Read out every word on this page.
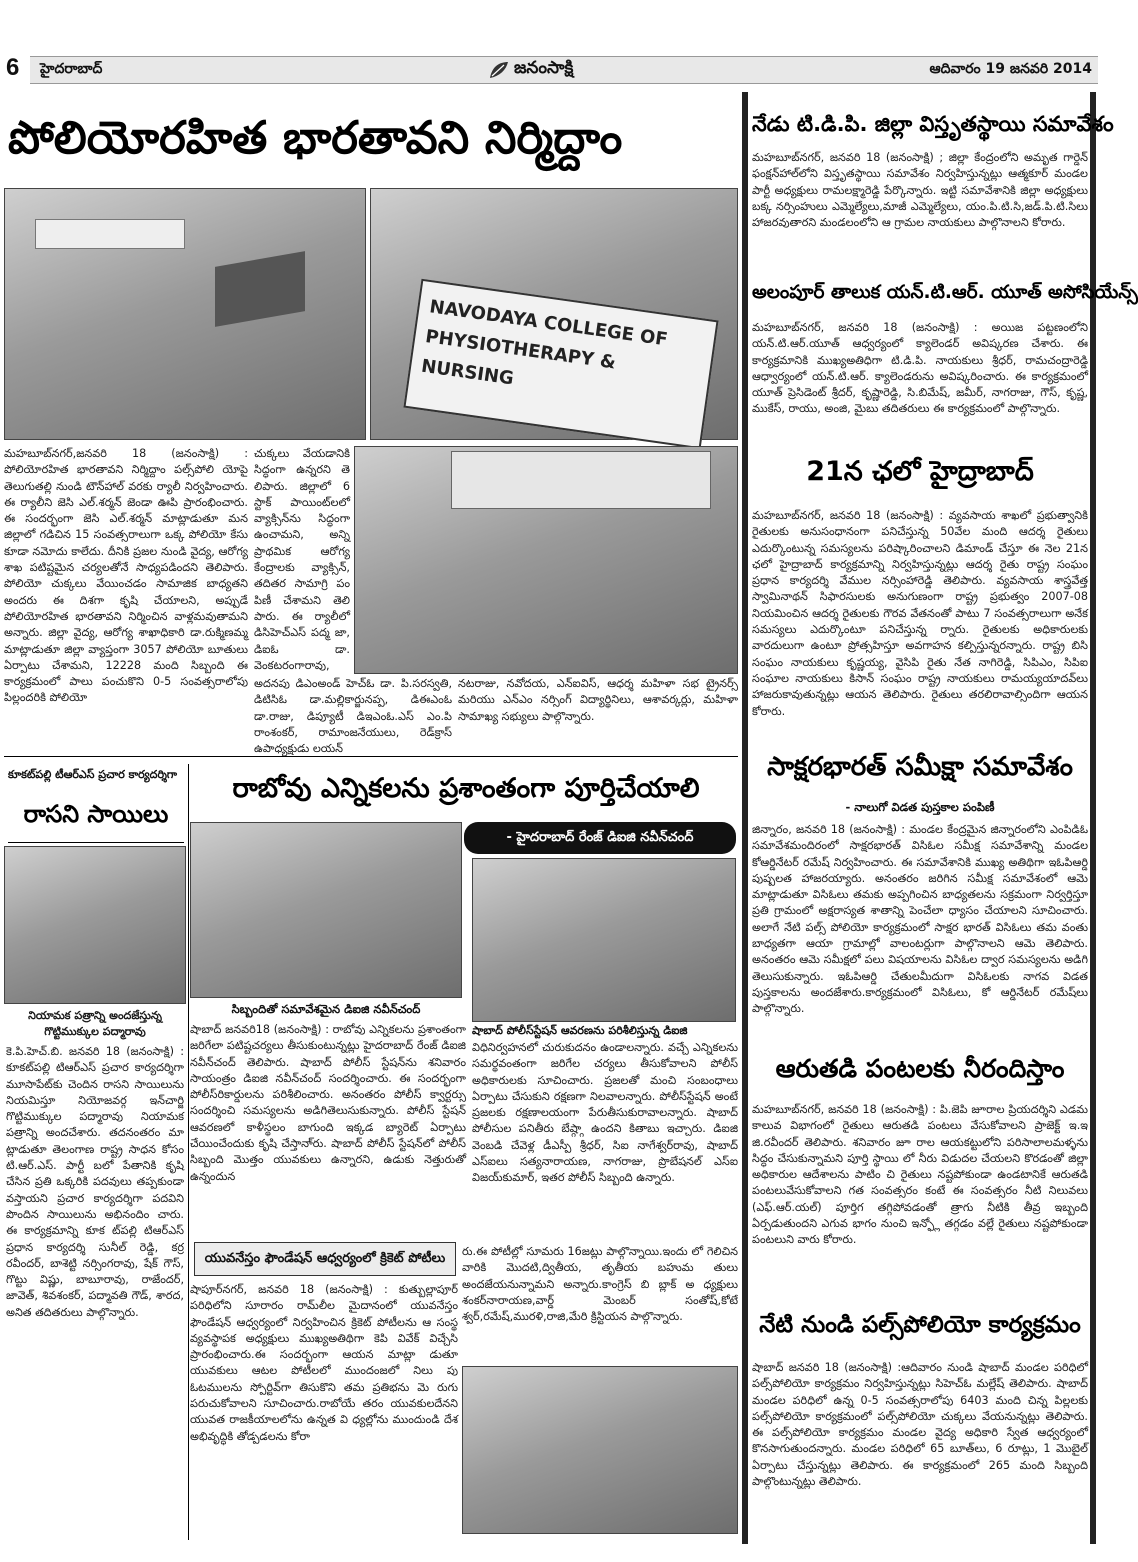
6	హైదరాబాద్	జనంసాక్షి	ఆదివారం 19 జనవరి 2014
పోలియోరహిత భారతావని నిర్మిద్దాం
NAVODAYA COLLEGE OF PHYSIOTHERAPY & NURSING
మహబూబ్‌నగర్,జనవరి 18 (జనంసాక్షి) : పోలియోరహిత భారతావని నిర్మిద్దాం పల్స్‌పోలి యోపై తెలుగుతల్లి నుండి టౌన్‌హాల్ వరకు ర్యాలీ నిర్వహించారు. ఈ ర్యాలీని జెసి ఎల్.శర్మన్ జెండా ఊపి ప్రారంభించారు. ఈ సందర్భంగా జెసి ఎల్.శర్మన్ మాట్లాడుతూ మన జిల్లాలో గడిచిన 15 సంవత్సరాలుగా ఒక్క పోలియో కేసు కూడా నమోదు కాలేదు. దీనికి ప్రజల నుండి వైద్య, ఆరోగ్య శాఖ పటిష్టమైన చర్యలతోనే సాధ్యపడిందని తెలిపారు. పోలియో చుక్కలు వేయించడం సామాజిక బాధ్యతని అందరు ఈ దిశగా కృషి చేయాలని, అప్పుడే పోలియోరహిత భారతావని నిర్మించిన వాళ్లమవుతామని అన్నారు. జిల్లా వైద్య, ఆరోగ్య శాఖాధికారి డా.రుక్మిణమ్మ మాట్లాడుతూ జిల్లా వ్యాప్తంగా 3057 పోలియో బూతులు ఏర్పాటు చేశామని, 12228 మంది సిబ్బంది ఈ కార్యక్రమంలో పాలు పంచుకొని 0-5 సంవత్సరాలోపు పిల్లందరికి పోలియో
చుక్కలు వేయడానికి సిద్ధంగా ఉన్నరని తె లిపారు. జిల్లాలో 6 స్టాక్ పాయింట్‌లలో వ్యాక్సిన్‌ను సిద్ధంగా ఉంచామని, అన్ని ప్రాథమిక ఆరోగ్య కేంద్రాలకు వ్యాక్సిన్, తదితర సామాగ్రి పం పిణీ చేశామని తెలి పారు. ఈ ర్యాలీలో డిసిహెచ్ఎస్ పద్మ జా, డిఐఓ డా. వెంకటరంగారావు,
అదనపు డిఎంఅండ్ హెచ్ఓ డా. పి.సరస్వతి, డిటిసిఓ డా.మల్లికార్జునప్ప, డిఈఎంఓ డా.రాజు, డిప్యూటీ డిఇఎంఓ.ఎస్ ఎం.పి రాంశంకర్, రామాంజనేయులు, రెడ్‌క్రాస్ ఉపాధ్యక్షుడు లయన్
నటరాజు, నవోదయ, ఎన్ఐవిస్, ఆధర్శ మహిళా సభ ట్రైనర్స్ మరియు ఎన్ఎం నర్సింగ్ విద్యార్థినిలు, ఆశావర్కర్లు, మహిళా సామాఖ్య సభ్యులు పాల్గొన్నారు.
కూకట్‌పల్లి టీఆర్ఎస్ ప్రచార కార్యదర్శిగా
రాసని సాయిలు
నియామక పత్రాన్ని అందజేస్తున్న గొట్టిముక్కుల పద్మారావు
కె.పి.హెచ్.బి. జనవరి 18 (జనంసాక్షి) : కూకట్‌పల్లి టిఆర్ఎస్ ప్రచార కార్యదర్శిగా మూసాపేట్‌కు చెందిన రాసని సాయిలును నియమిస్తూ నియోజవర్గ ఇన్‌చార్జి గొట్టిముక్కుల పద్మారావు నియామక పత్రాన్ని అందచేశారు. తదనంతరం మా ట్లాడుతూ తెలంగాణ రాష్ట్ర సాధన కోసం టి.ఆర్.ఎస్. పార్టీ బలో పేతానికి కృషి చేసిన ప్రతి ఒక్కరికి పదవులు తప్పకుండా వస్తాయని ప్రచార కార్యదర్శిగా పదవిని పొందిన సాయిలును అభినందిం చారు. ఈ కార్యక్రమాన్ని కూక ట్‌పల్లి టిఆర్ఎస్ ప్రధాన కార్యదర్శి సునీల్ రెడ్డి, కర్ర రవీందర్, బాశెట్టి నర్సింగరావు, షేక్ గౌస్, గొట్టు విష్ణు, బాబూరావు, రాజేందర్, జావెత్, శివశంకర్, పద్మావతి గౌడ్, శారద, అనిత తదితరులు పాల్గొన్నారు.
రాబోవు ఎన్నికలను ప్రశాంతంగా పూర్తిచేయాలి
- హైదరాబాద్ రేంజ్ డిఐజి నవీన్‌చంద్
సిబ్బందితో సమావేశమైన డిఐజి నవీన్‌చంద్
షాబాద్ జనవరి18 (జనంసాక్షి) : రాబోవు ఎన్నికలను ప్రశాంతంగా జరిగేలా పటిష్టచర్యలు తీసుకుంటున్నట్లు హైదరాబాద్ రేంజ్ డిఐజి నవీన్‌చంద్ తెలిపారు. షాబాద్ పోలీస్ స్టేషన్‌ను శనివారం సాయంత్రం డిఐజి నవీన్‌చంద్ సందర్శించారు. ఈ సందర్భంగా పోలీస్‌రికార్డులను పరిశీలించారు. అనంతరం పోలీస్ క్వార్టర్సు సందర్శించి సమస్యలను అడిగితెలుసుకున్నారు. పోలీస్ స్టేషన్ ఆవరణలో కాళీస్థలం బాగుంది ఇక్కడ బ్యారెట్ ఏర్పాటు చేయించేందుకు కృషి చేస్తానా్రు. షాబాద్ పోలీస్ స్టేషన్‌లో పోలీస్ సిబ్బంది మొత్తం యువకులు ఉన్నారని, ఉడుకు నెత్తురుతో ఉన్నందున
షాబాద్ పోలీస్‌స్టేషన్ ఆవరణను పరిశీలిస్తున్న డిఐజి
విధినిర్వహనలో చురుకుదనం ఉండాలన్నారు. వచ్చే ఎన్నికలను సమర్థవంతంగా జరిగేల చర్యలు తీసుకోవాలని పోలీస్ అధికారులకు సూచించారు. ప్రజలతో మంచి సంబంధాలు ఏర్పాటు చేసుకుని రక్షణగా నిలవాలన్నారు. పోలీస్‌స్టేషన్ అంటే ప్రజలకు రక్షణాలయంగా పేరుతీసుకురావాలన్నారు. షాబాద్ పోలీసుల పనితీరు బేష్గ్గా ఉందని కితాబు ఇచ్చారు. డిఐజి వెంబడి చేవెళ్ల డీఎస్పీ శ్రీధర్, సిఐ నాగేశ్వర్‌రావు, షాబాద్ ఎస్ఐలు సత్యనారాయణ, నాగరాజు, ప్రొబేషనల్ ఎస్ఐ విజయ్‌కుమార్, ఇతర పోలీస్ సిబ్బంది ఉన్నారు.
యువనేస్తం ఫౌండేషన్ ఆధ్వర్యంలో క్రికెట్ పోటీలు
షాపూర్‌నగర్, జనవరి 18 (జనంసాక్షి) : కుత్బుల్లాపూర్ పరిధిలోని సూరారం రామ్‌లీల మైదానంలో యువనేస్తం ఫౌండేషన్ ఆధ్వర్యంలో నిర్వహించిన క్రికెట్ పోటీలను ఆ సంస్థ వ్యవస్థాపక అధ్యక్షులు ముఖ్యఅతిథిగా కెపి వివేక్ విచ్చేసి ప్రారంభించారు.ఈ సందర్భంగా ఆయన మాట్లా డుతూ యువకులు ఆటల పోటీలలో ముందంజలో నిలు పు ఓటములను స్పోర్టివ్‌గా తిసుకొని తమ ప్రతిభను మె రుగు పరుచుకోవాలని సూచించారు.రాబోయే తరం యువకులదేనని యువత రాజకీయాలలోను ఉన్నత వి ధ్యల్లోను ముందుండి దేశ అభివృద్ధికి తోడ్పడలను కోరా
రు.ఈ పోటీల్లో సూమరు 16జట్లు పాల్గొన్నాయి.ఇందు లో గెలిచిన వారికి మొదటి,ద్వితీయ, తృతీయ బహుమ తులు అందజేయనున్నామని అన్నారు.కాంగ్రెస్ బి బ్లాక్ అ ధ్యక్షులు శంకర్‌నారాయణ,వార్డ్ మెంబర్ సంతోష్,కోటే శ్వర్,రమేష్,మురళి,రాజి,మేరి క్రిస్టియన పాల్గొన్నారు.
నేడు టి.డి.పి. జిల్లా విస్తృతస్థాయి సమావేశం
మహబూబ్‌నగర్, జనవరి 18 (జనంసాక్షి) ; జిల్లా కేంద్రంలోని అమృత గార్డెన్ ఫంక్షన్‌హాల్‌లోని విస్తృతస్థాయి సమావేశం నిర్వహిస్తున్నట్లు ఆత్మకూర్ మండల పార్టీ అధ్యక్షులు రామలక్ష్మారెడ్డి పేర్కొన్నారు. ఇట్టి సమావేశానికి జిల్లా అధ్యక్షులు బక్క నర్సింహులు ఎమ్మెల్యేలు,మాజీ ఎమ్మెల్యేలు, యం.పి.టి.సి,జడ్.పి.టి.సిలు హాజరవుతారని మండలంలోని ఆ గ్రామల నాయకులు పాల్గొనాలని కోరారు.
అలంపూర్ తాలుక యన్.టి.ఆర్. యూత్ అసోసియేన్స్
మహబూబ్‌నగర్, జనవరి 18 (జనంసాక్షి) : అయిజ పట్టణంలోని యన్.టి.ఆర్.యూత్ ఆధ్వర్యంలో క్యాలెండర్ అవిష్కరణ చేశారు. ఈ కార్యక్రమానికి ముఖ్యఅతిధిగా టి.డి.పి. నాయకులు శ్రీధర్, రామచంద్రారెడ్డి ఆధ్వార్యంలో యన్.టి.ఆర్. క్యాలెండరును అవిష్కరించారు. ఈ కార్యక్రమంలో యూత్ ప్రెసిడెంట్ శ్రీదర్, కృష్ణారెడ్డి, సి.బిమేష్, జమీర్, నాగరాజు, గౌస్, కృష్ణ, ముకేస్, రాయు, అంజి, మైబు తదితరులు ఈ కార్యక్రమంలో పాల్గొన్నారు.
21న ఛలో హైద్రాబాద్
మహబూబ్‌నగర్, జనవరి 18 (జనంసాక్షి) : వ్యవసాయ శాఖలో ప్రభుత్వానికి రైతులకు అనుసంధానంగా పనిచేస్తున్న 50వేల మంది ఆదర్శ రైతులు ఎదుర్కొంటున్న సమస్యలను పరిష్కారించాలని డిమాండ్ చేస్తూ ఈ నెల 21న ఛలో హైద్రాబాద్ కార్యక్రమాన్ని నిర్వహిస్తున్నట్లు ఆదర్శ రైతు రాష్ట్ర సంఘం ప్రధాన కార్యదర్శి వేముల నర్సింహారెడ్డి తెలిపారు. వ్యవసాయ శాస్త్రవేత్త స్వామినాథన్ సిఫారసులకు అనుగుణంగా రాష్ట్ర ప్రభుత్వం 2007-08 నియమించిన ఆదర్శ రైతులకు గౌరవ వేతనంతో పాటు 7 సంవత్సరాలుగా అనేక సమస్యలు ఎదుర్కొంటూ పనిచేస్తున్న ర్నారు. రైతులకు అధికారులకు వారదులుగా ఉంటూ ప్రోత్సహిస్తూ అవగాహన కల్పిస్తున్నరన్నారు. రాష్ట్ర బిసి సంఘం నాయకులు కృష్ణయ్య, వైసిపి రైతు నేత నాగిరెడ్డి, సిపిఎం, సిపిఐ సంఘాల నాయకులు కిసాన్ సంఘం రాష్ట్ర నాయకులు రామయ్యయాదవ్‌లు హాజరుకావుతున్నట్లు ఆయన తెలిపారు. రైతులు తరలిరావాల్సిందిగా ఆయన కోరారు.
సాక్షరభారత్ సమీక్షా సమావేశం
- నాలుగో విడత పుస్తకాల పంపిణీ
జిన్నారం, జనవరి 18 (జనంసాక్షి) : మండల కేంద్రమైన జిన్నారంలోని ఎంపిడిఓ సమావేశమందిరంలో సాక్షరభారత్ విసిఓల సమీక్ష సమావేశాన్ని మండల కోఆర్డినేటర్ రమేష్ నిర్వహించారు. ఈ సమావేశానికి ముఖ్య అతిథిగా ఇఓపిఆర్డి పుష్పలత హాజరయ్యారు. అనంతరం జరిగిన సమీక్ష సమావేశంలో ఆమె మాట్లాడుతూ విసిఓలు తమకు అప్పగించిన బాధ్యతలను సక్రమంగా నిర్వర్తిస్తూ ప్రతి గ్రామంలో అక్షరాస్యత శాతాన్ని పెంచేలా ధ్యాసం చేయాలని సూచించారు. అలాగే నేటి పల్స్ పోలియో కార్యక్రమంలో సాక్షర భారత్ విసిఓలు తమ వంతు బాధ్యతగా ఆయా గ్రామాల్లో వాలంటర్లుగా పాల్గొనాలని ఆమె తెలిపారు. అనంతరం ఆమె సమీక్షలో పలు విషయాలను విసిఓల ద్వార సమస్యలను అడిగి తెలుసుకున్నారు. ఇఓపిఆర్డి చేతులమీదుగా విసిఓలకు నాగవ విడత పుస్తకాలను అందజేశారు.కార్యక్రమంలో విసిఓలు, కో ఆర్డినేటర్ రమేష్‌లు పాల్గొన్నారు.
ఆరుతడి పంటలకు నీరందిస్తాం
మహబూబ్‌నగర్, జనవరి 18 (జనంసాక్షి) : పి.జెపి జూరాల ప్రియదర్శిని ఎడమ కాలువ విభాగంలో రైతులు ఆరుతడి పంటలు వేసుకోవాలని ప్రాజెక్ట్ ఇ.ఇ జి.రవీందర్ తెలిపారు. శనివారం జూ రాల ఆయకట్టులోని పరిసాలాలమళ్ళను సిద్ధం చేసుకున్నామని పూర్తి స్థాయి లో నీరు విడుదల చేయలని కొరడంతో జిల్లా అధికారుల ఆదేశాలను పాటిం చి రైతులు నష్టపోకుండా ఉండటానికే ఆరుతడి పంటలువేసుకోవాలని గత సంవత్సరం కంటే ఈ సంవత్సరం నీటి నిలువలు (ఎఫ్.ఆర్.యల్) పూర్తిగ తగ్గిపోవడంతో త్రాగు నీటికి తీవ్ర ఇబ్బంది ఏర్పడుతుందని ఎగువ భాగం నుంచి ఇన్ఫ్లో తగ్గడం వల్లే రైతులు నష్టపోకుండా పంటలుని వారు కోరారు.
నేటి నుండి పల్స్‌పోలియో కార్యక్రమం
షాబాద్ జనవరి 18 (జనంసాక్షి) :ఆదివారం నుండి షాబాద్ మండల పరిధిలో పల్స్‌పోలియో కార్యక్రమం నిర్వహిస్తున్నట్లు సిహెచ్ఓ మల్లేష్ తెలిపారు. షాబాద్ మండల పరిధిలో ఉన్న 0-5 సంవత్సరాలోపు 6403 మంది చిన్న పిల్లలకు పల్స్‌పోలియో కార్యక్రమంలో పల్స్‌పోలియో చుక్కలు వేయనున్నట్లు తెలిపారు. ఈ పల్స్‌పోలియో కార్యక్రమం మండల వైద్య అధికారి స్వేత ఆధ్వర్యంలో కొనసాగుతుందన్నారు. మండల పరిధిలో 65 బూత్‌లు, 6 రూట్లు, 1 మొబైల్ ఏర్పాటు చేస్తున్నట్లు తెలిపారు. ఈ కార్యక్రమంలో 265 మంది సిబ్బంది పాల్గొంటున్నట్లు తెలిపారు.
